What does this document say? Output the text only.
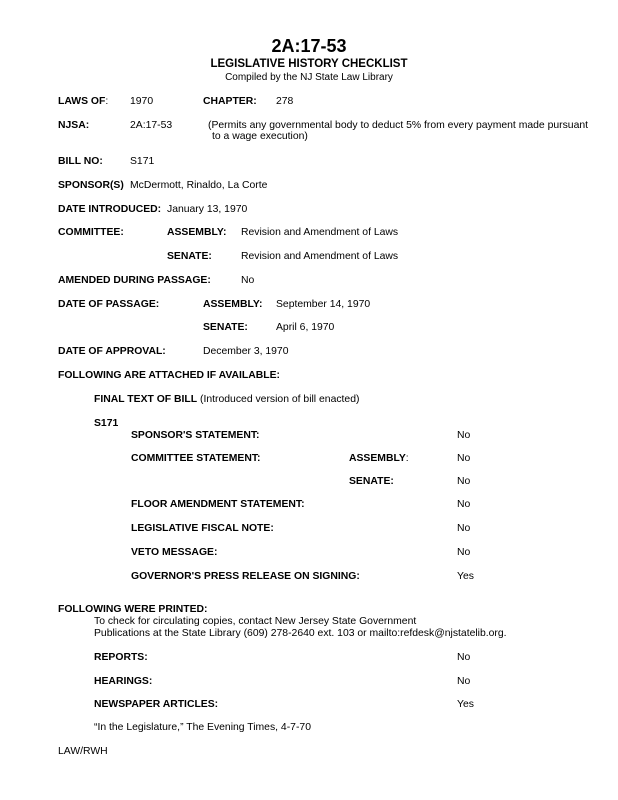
2A:17-53
LEGISLATIVE HISTORY CHECKLIST
Compiled by the NJ State Law Library
LAWS OF: 1970	CHAPTER: 278
NJSA:	2A:17-53	(Permits any governmental body to deduct 5% from every payment made pursuant
to a wage execution)
BILL NO:	S171
SPONSOR(S) McDermott, Rinaldo, La Corte
DATE INTRODUCED: January 13, 1970
COMMITTEE:	ASSEMBLY: Revision and Amendment of Laws
SENATE:	Revision and Amendment of Laws
AMENDED DURING PASSAGE:	No
DATE OF PASSAGE:	ASSEMBLY: September 14, 1970
SENATE:	April 6, 1970
DATE OF APPROVAL:	December 3, 1970
FOLLOWING ARE ATTACHED IF AVAILABLE:
FINAL TEXT OF BILL (Introduced version of bill enacted)
S171
SPONSOR'S STATEMENT:	No
COMMITTEE STATEMENT:	ASSEMBLY:	No
SENATE:	No
FLOOR AMENDMENT STATEMENT:	No
LEGISLATIVE FISCAL NOTE:	No
VETO MESSAGE:	No
GOVERNOR'S PRESS RELEASE ON SIGNING:	Yes
FOLLOWING WERE PRINTED:
To check for circulating copies, contact New Jersey State Government
Publications at the State Library (609) 278-2640 ext. 103 or mailto:refdesk@njstatelib.org.
REPORTS:	No
HEARINGS:	No
NEWSPAPER ARTICLES:	Yes
“In the Legislature,” The Evening Times, 4-7-70
LAW/RWH
